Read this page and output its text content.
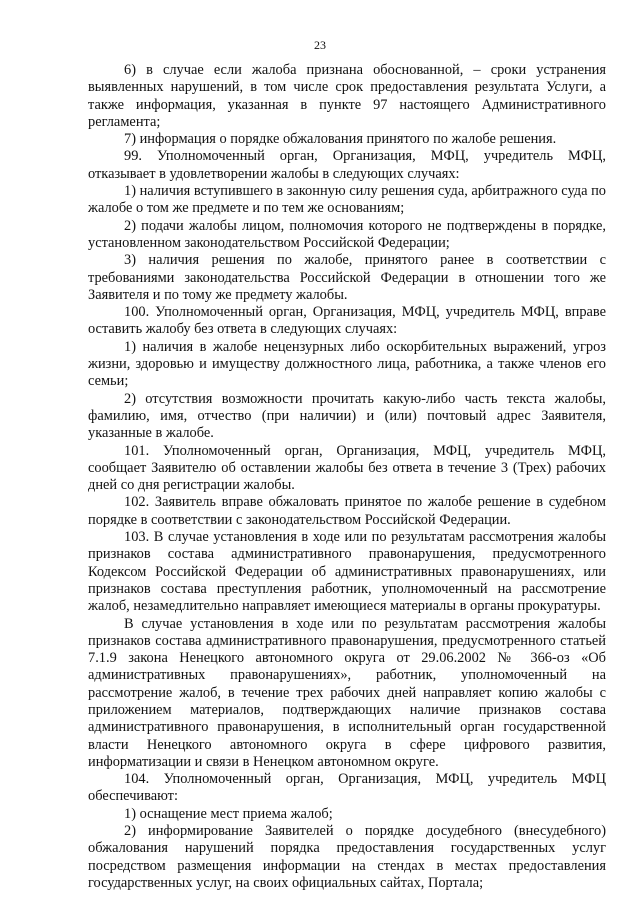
23

6) в случае если жалоба признана обоснованной, – сроки устранения выявленных нарушений, в том числе срок предоставления результата Услуги, а также информация, указанная в пункте 97 настоящего Административного регламента;

7) информация о порядке обжалования принятого по жалобе решения.

99. Уполномоченный орган, Организация, МФЦ, учредитель МФЦ, отказывает в удовлетворении жалобы в следующих случаях:

1) наличия вступившего в законную силу решения суда, арбитражного суда по жалобе о том же предмете и по тем же основаниям;

2) подачи жалобы лицом, полномочия которого не подтверждены в порядке, установленном законодательством Российской Федерации;

3) наличия решения по жалобе, принятого ранее в соответствии с требованиями законодательства Российской Федерации в отношении того же Заявителя и по тому же предмету жалобы.

100. Уполномоченный орган, Организация, МФЦ, учредитель МФЦ, вправе оставить жалобу без ответа в следующих случаях:

1) наличия в жалобе нецензурных либо оскорбительных выражений, угроз жизни, здоровью и имуществу должностного лица, работника, а также членов его семьи;

2) отсутствия возможности прочитать какую-либо часть текста жалобы, фамилию, имя, отчество (при наличии) и (или) почтовый адрес Заявителя, указанные в жалобе.

101. Уполномоченный орган, Организация, МФЦ, учредитель МФЦ, сообщает Заявителю об оставлении жалобы без ответа в течение 3 (Трех) рабочих дней со дня регистрации жалобы.

102. Заявитель вправе обжаловать принятое по жалобе решение в судебном порядке в соответствии с законодательством Российской Федерации.

103. В случае установления в ходе или по результатам рассмотрения жалобы признаков состава административного правонарушения, предусмотренного Кодексом Российской Федерации об административных правонарушениях, или признаков состава преступления работник, уполномоченный на рассмотрение жалоб, незамедлительно направляет имеющиеся материалы в органы прокуратуры.

В случае установления в ходе или по результатам рассмотрения жалобы признаков состава административного правонарушения, предусмотренного статьей 7.1.9 закона Ненецкого автономного округа от 29.06.2002 № 366-оз «Об административных правонарушениях», работник, уполномоченный на рассмотрение жалоб, в течение трех рабочих дней направляет копию жалобы с приложением материалов, подтверждающих наличие признаков состава административного правонарушения, в исполнительный орган государственной власти Ненецкого автономного округа в сфере цифрового развития, информатизации и связи в Ненецком автономном округе.

104. Уполномоченный орган, Организация, МФЦ, учредитель МФЦ обеспечивают:

1) оснащение мест приема жалоб;

2) информирование Заявителей о порядке досудебного (внесудебного) обжалования нарушений порядка предоставления государственных услуг посредством размещения информации на стендах в местах предоставления государственных услуг, на своих официальных сайтах, Портала;
